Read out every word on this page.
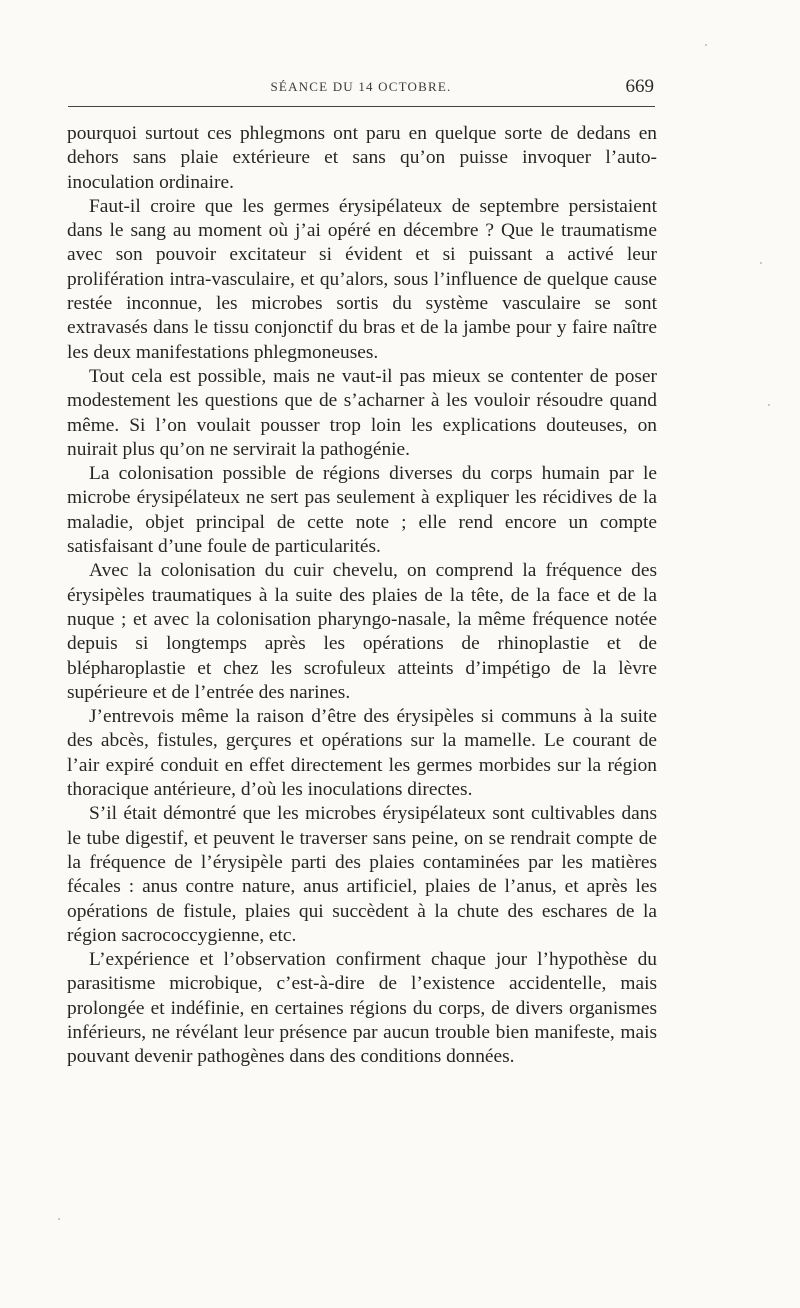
SÉANCE DU 14 OCTOBRE.	669

pourquoi surtout ces phlegmons ont paru en quelque sorte de dedans en dehors sans plaie extérieure et sans qu’on puisse invoquer l’auto-inoculation ordinaire.

Faut-il croire que les germes érysipélateux de septembre persistaient dans le sang au moment où j’ai opéré en décembre ? Que le traumatisme avec son pouvoir excitateur si évident et si puissant a activé leur prolifération intra-vasculaire, et qu’alors, sous l’influence de quelque cause restée inconnue, les microbes sortis du système vasculaire se sont extravasés dans le tissu conjonctif du bras et de la jambe pour y faire naître les deux manifestations phlegmoneuses.

Tout cela est possible, mais ne vaut-il pas mieux se contenter de poser modestement les questions que de s’acharner à les vouloir résoudre quand même. Si l’on voulait pousser trop loin les explications douteuses, on nuirait plus qu’on ne servirait la pathogénie.

La colonisation possible de régions diverses du corps humain par le microbe érysipélateux ne sert pas seulement à expliquer les récidives de la maladie, objet principal de cette note ; elle rend encore un compte satisfaisant d’une foule de particularités.

Avec la colonisation du cuir chevelu, on comprend la fréquence des érysipèles traumatiques à la suite des plaies de la tête, de la face et de la nuque ; et avec la colonisation pharyngo-nasale, la même fréquence notée depuis si longtemps après les opérations de rhinoplastie et de blépharoplastie et chez les scrofuleux atteints d’impétigo de la lèvre supérieure et de l’entrée des narines.

J’entrevois même la raison d’être des érysipèles si communs à la suite des abcès, fistules, gerçures et opérations sur la mamelle. Le courant de l’air expiré conduit en effet directement les germes morbides sur la région thoracique antérieure, d’où les inoculations directes.

S’il était démontré que les microbes érysipélateux sont cultivables dans le tube digestif, et peuvent le traverser sans peine, on se rendrait compte de la fréquence de l’érysipèle parti des plaies contaminées par les matières fécales : anus contre nature, anus artificiel, plaies de l’anus, et après les opérations de fistule, plaies qui succèdent à la chute des eschares de la région sacrococcygienne, etc.

L’expérience et l’observation confirment chaque jour l’hypothèse du parasitisme microbique, c’est-à-dire de l’existence accidentelle, mais prolongée et indéfinie, en certaines régions du corps, de divers organismes inférieurs, ne révélant leur présence par aucun trouble bien manifeste, mais pouvant devenir pathogènes dans des conditions données.
